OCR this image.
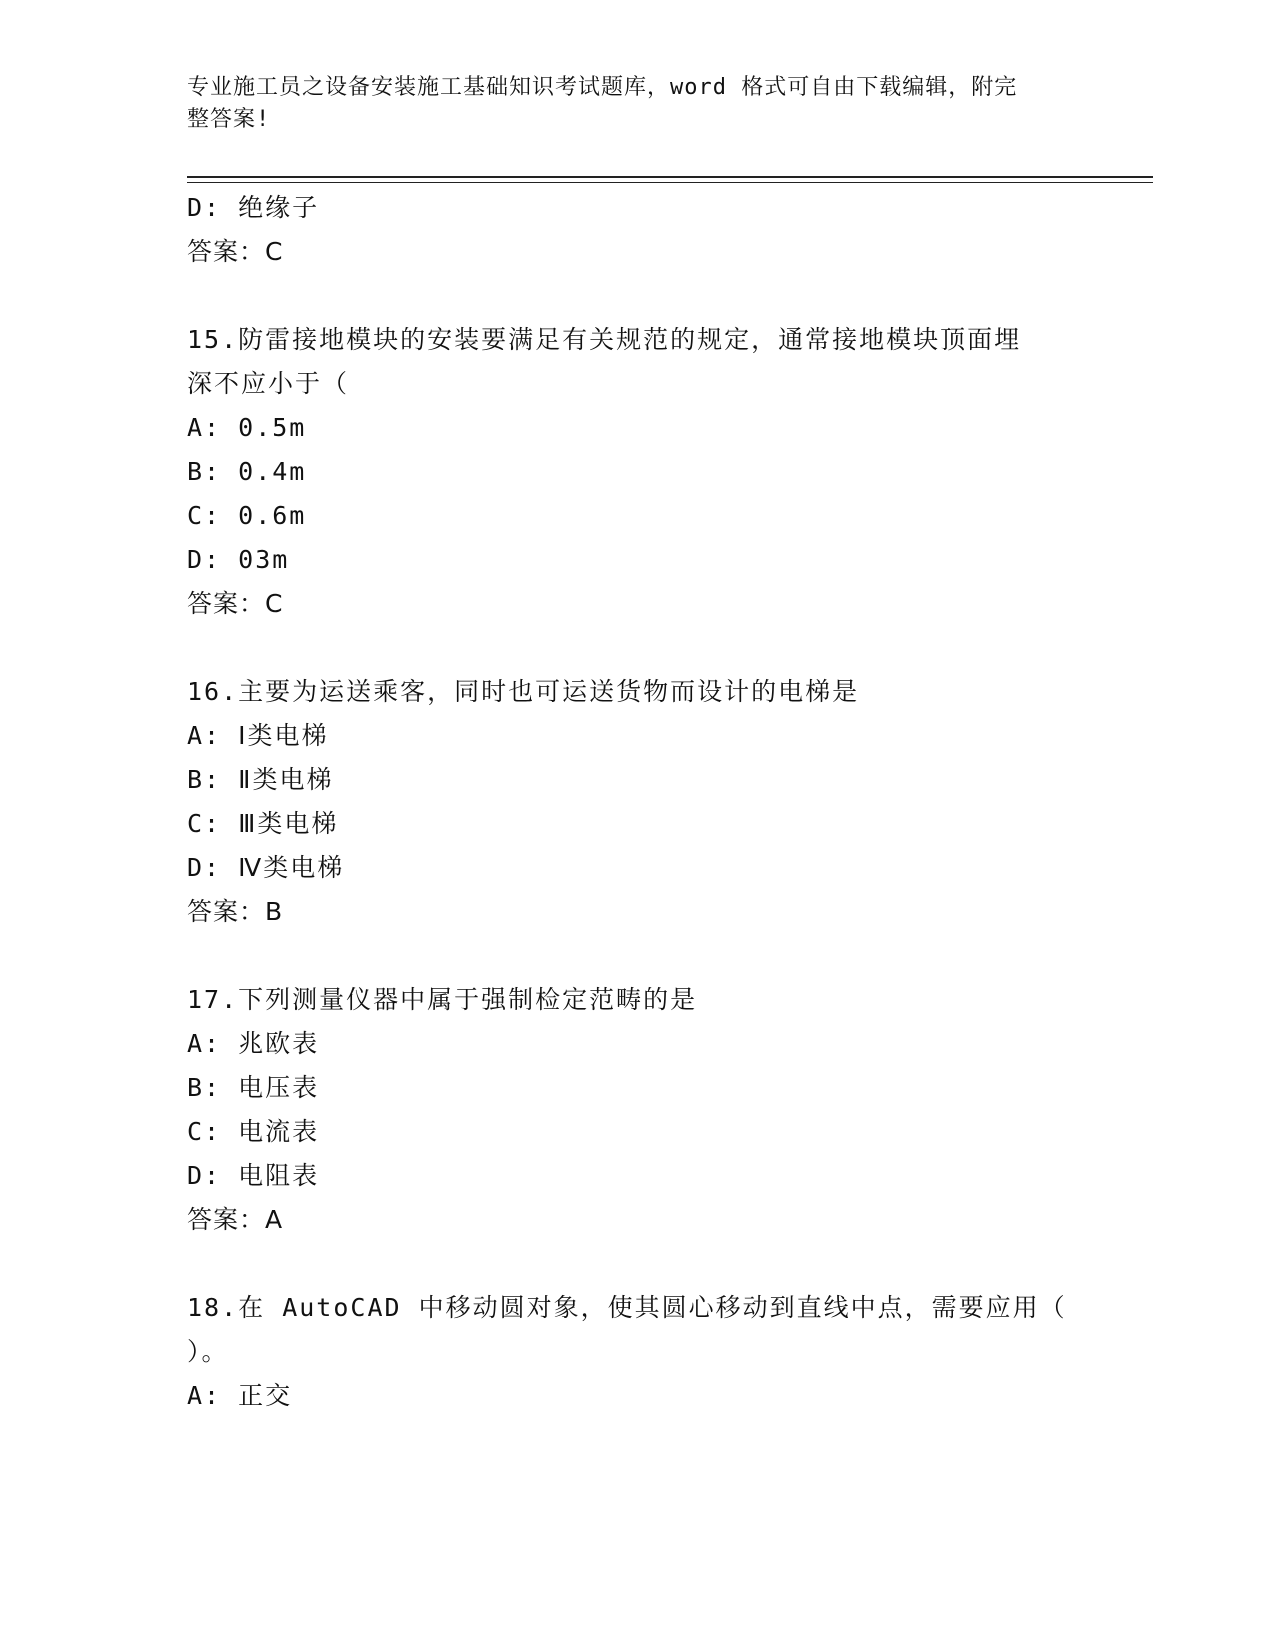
专业施工员之设备安装施工基础知识考试题库，word 格式可自由下载编辑，附完
整答案!
D: 绝缘子
答案：C
15.防雷接地模块的安装要满足有关规范的规定，通常接地模块顶面埋
深不应小于（
A: 0.5m
B: 0.4m
C: 0.6m
D: 03m
答案：C
16.主要为运送乘客，同时也可运送货物而设计的电梯是
A: Ⅰ类电梯
B: Ⅱ类电梯
C: Ⅲ类电梯
D: Ⅳ类电梯
答案：B
17.下列测量仪器中属于强制检定范畴的是
A: 兆欧表
B: 电压表
C: 电流表
D: 电阻表
答案：A
18.在 AutoCAD 中移动圆对象，使其圆心移动到直线中点，需要应用（
）。
A: 正交
